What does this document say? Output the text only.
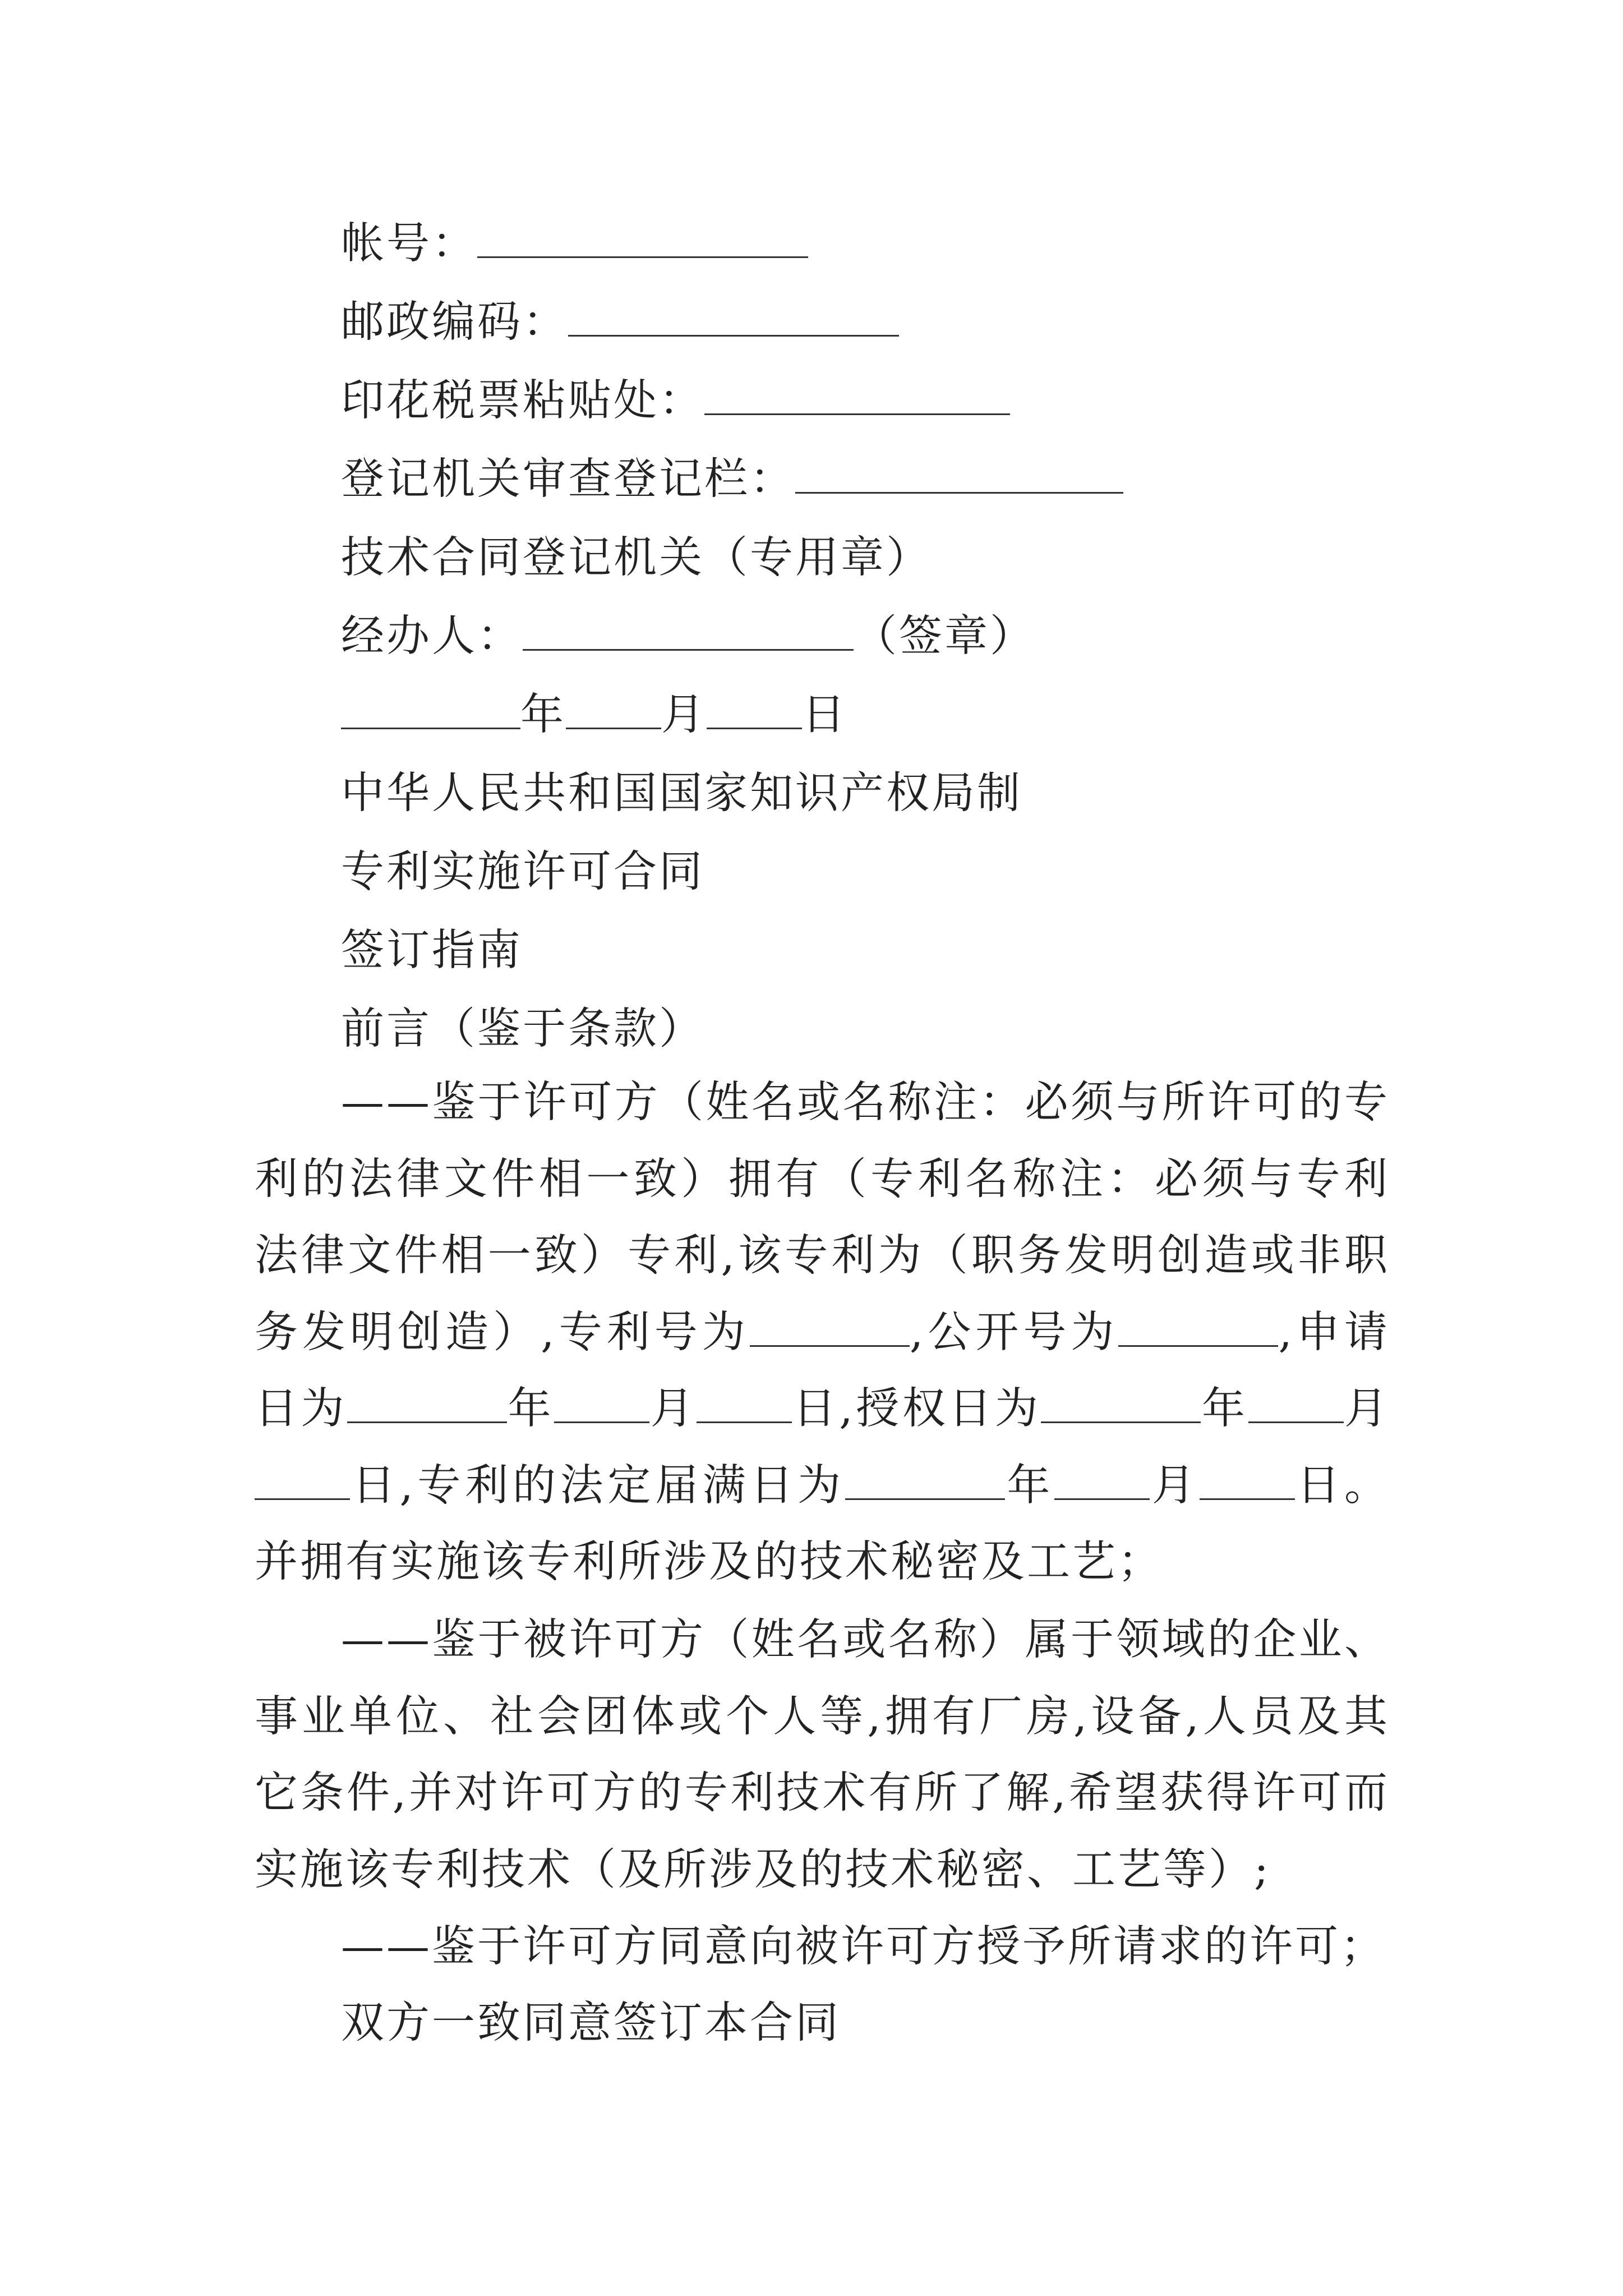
帐号：
邮政编码：
印花税票粘贴处：
登记机关审查登记栏：
技术合同登记机关（专用章）
经办人：	（签章）
年 月 日
中华人民共和国国家知识产权局制
专利实施许可合同
签订指南
前言（鉴于条款）

——鉴于许可方（姓名或名称注：必须与所许可的专利的法律文件相一致）拥有（专利名称注：必须与专利法律文件相一致）专利,该专利为（职务发明创造或非职务发明创造）,专利号为	,公开号为	,申请日为	年 月 日,授权日为	年 月日,专利的法定届满日为	年 月 日。并拥有实施该专利所涉及的技术秘密及工艺；

——鉴于被许可方（姓名或名称）属于领域的企业、事业单位、社会团体或个人等,拥有厂房,设备,人员及其它条件,并对许可方的专利技术有所了解,希望获得许可而实施该专利技术（及所涉及的技术秘密、工艺等）;

——鉴于许可方同意向被许可方授予所请求的许可；

双方一致同意签订本合同
